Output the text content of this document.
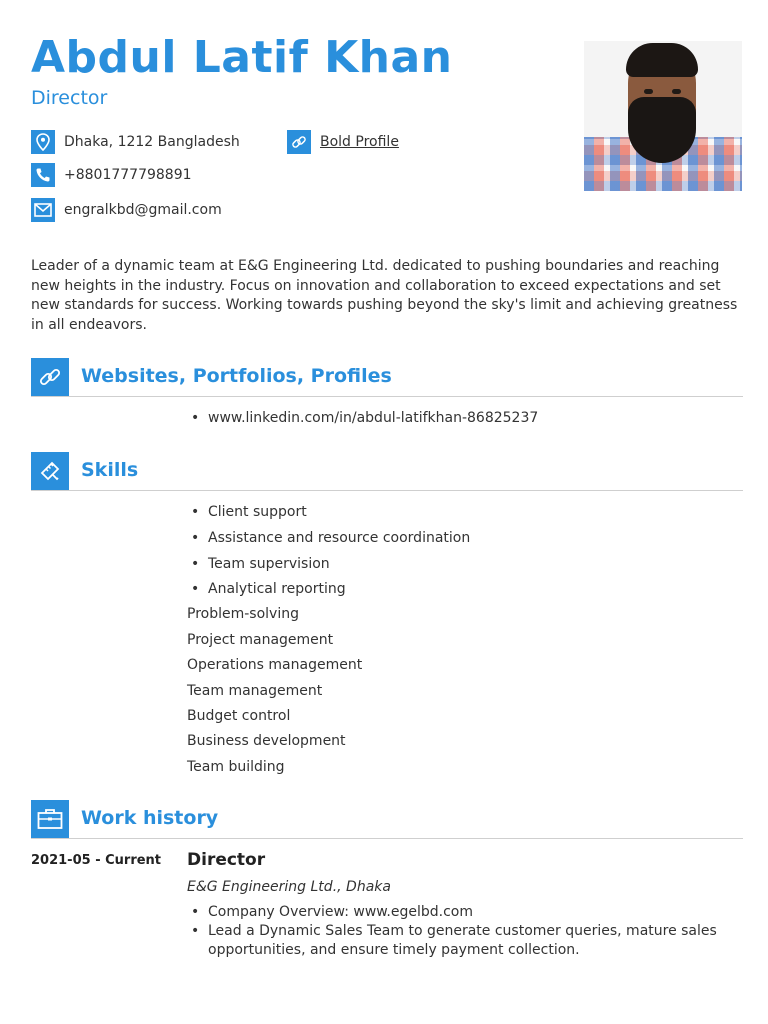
Abdul Latif Khan
Director
Dhaka, 1212 Bangladesh	Bold Profile
+8801777798891
engralkbd@gmail.com

Leader of a dynamic team at E&G Engineering Ltd. dedicated to pushing boundaries and reaching new heights in the industry. Focus on innovation and collaboration to exceed expectations and set new standards for success. Working towards pushing beyond the sky's limit and achieving greatness in all endeavors.

Websites, Portfolios, Profiles
• www.linkedin.com/in/abdul-latifkhan-86825237
Skills
• Client support
• Assistance and resource coordination
• Team supervision
• Analytical reporting
Problem-solving
Project management
Operations management
Team management
Budget control
Business development
Team building
Work history
2021-05 - Current Director
E&G Engineering Ltd., Dhaka
• Company Overview: www.egelbd.com
• Lead a Dynamic Sales Team to generate customer queries, mature sales opportunities, and ensure timely payment collection.
